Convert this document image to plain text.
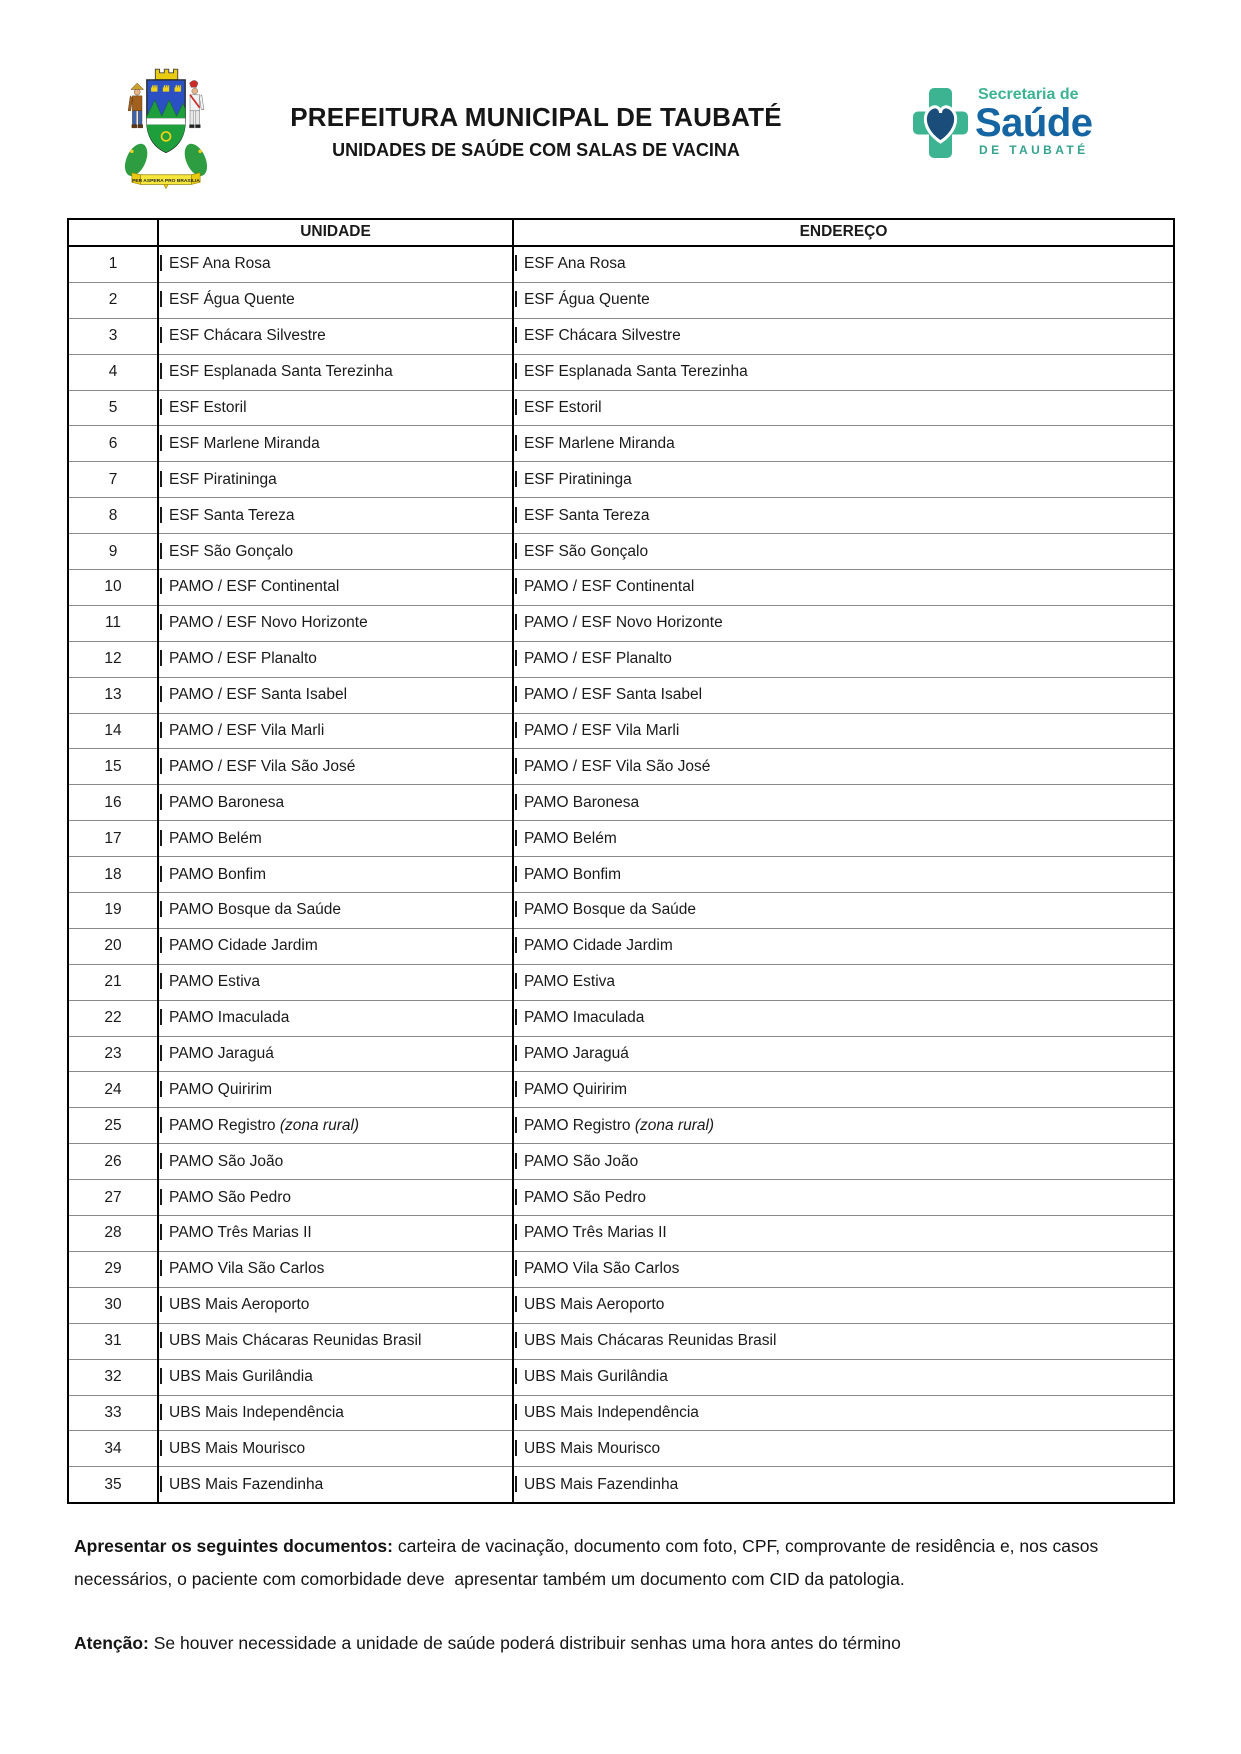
PER ASPERA PRO BRASILIA
PREFEITURA MUNICIPAL DE TAUBATÉ
UNIDADES DE SAÚDE COM SALAS DE VACINA
Secretaria de
Saúde
DE TAUBATÉ
	UNIDADE	ENDEREÇO
1	ESF Ana Rosa	ESF Ana Rosa
2	ESF Água Quente	ESF Água Quente
3	ESF Chácara Silvestre	ESF Chácara Silvestre
4	ESF Esplanada Santa Terezinha	ESF Esplanada Santa Terezinha
5	ESF Estoril	ESF Estoril
6	ESF Marlene Miranda	ESF Marlene Miranda
7	ESF Piratininga	ESF Piratininga
8	ESF Santa Tereza	ESF Santa Tereza
9	ESF São Gonçalo	ESF São Gonçalo
10	PAMO / ESF Continental	PAMO / ESF Continental
11	PAMO / ESF Novo Horizonte	PAMO / ESF Novo Horizonte
12	PAMO / ESF Planalto	PAMO / ESF Planalto
13	PAMO / ESF Santa Isabel	PAMO / ESF Santa Isabel
14	PAMO / ESF Vila Marli	PAMO / ESF Vila Marli
15	PAMO / ESF Vila São José	PAMO / ESF Vila São José
16	PAMO Baronesa	PAMO Baronesa
17	PAMO Belém	PAMO Belém
18	PAMO Bonfim	PAMO Bonfim
19	PAMO Bosque da Saúde	PAMO Bosque da Saúde
20	PAMO Cidade Jardim	PAMO Cidade Jardim
21	PAMO Estiva	PAMO Estiva
22	PAMO Imaculada	PAMO Imaculada
23	PAMO Jaraguá	PAMO Jaraguá
24	PAMO Quiririm	PAMO Quiririm
25	PAMO Registro (zona rural)	PAMO Registro (zona rural)
26	PAMO São João	PAMO São João
27	PAMO São Pedro	PAMO São Pedro
28	PAMO Três Marias II	PAMO Três Marias II
29	PAMO Vila São Carlos	PAMO Vila São Carlos
30	UBS Mais Aeroporto	UBS Mais Aeroporto
31	UBS Mais Chácaras Reunidas Brasil	UBS Mais Chácaras Reunidas Brasil
32	UBS Mais Gurilândia	UBS Mais Gurilândia
33	UBS Mais Independência	UBS Mais Independência
34	UBS Mais Mourisco	UBS Mais Mourisco
35	UBS Mais Fazendinha	UBS Mais Fazendinha

Apresentar os seguintes documentos: carteira de vacinação, documento com foto, CPF, comprovante de residência e, nos casos necessários, o paciente com comorbidade deve  apresentar também um documento com CID da patologia.

Atenção: Se houver necessidade a unidade de saúde poderá distribuir senhas uma hora antes do término
